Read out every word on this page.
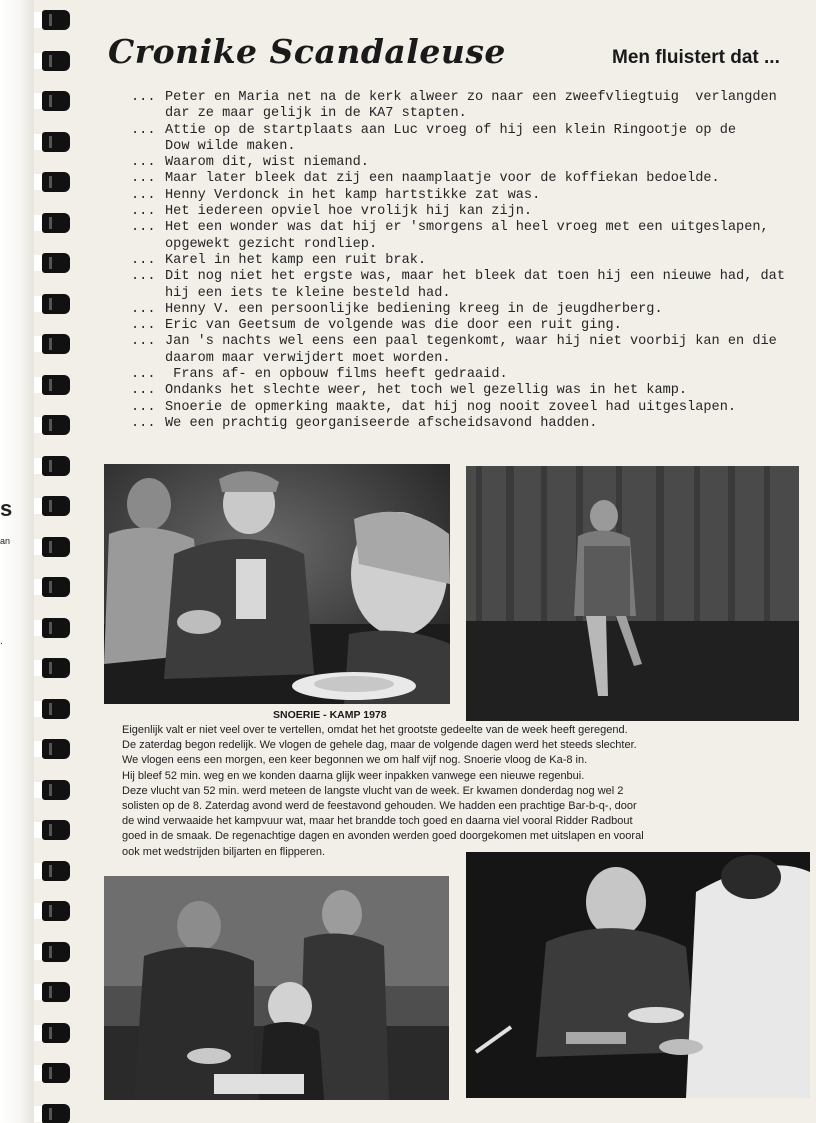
s
an
.
Cronike Scandaleuse	Men fluistert dat ...
... Peter en Maria net na de kerk alweer zo naar een zweefvliegtuig  verlangden
dar ze maar gelijk in de KA7 stapten.
... Attie op de startplaats aan Luc vroeg of hij een klein Ringootje op de
Dow wilde maken.
... Waarom dit, wist niemand.
... Maar later bleek dat zij een naamplaatje voor de koffiekan bedoelde.
... Henny Verdonck in het kamp hartstikke zat was.
... Het iedereen opviel hoe vrolijk hij kan zijn.
... Het een wonder was dat hij er 'smorgens al heel vroeg met een uitgeslapen,
opgewekt gezicht rondliep.
... Karel in het kamp een ruit brak.
... Dit nog niet het ergste was, maar het bleek dat toen hij een nieuwe had, dat
hij een iets te kleine besteld had.
... Henny V. een persoonlijke bediening kreeg in de jeugdherberg.
... Eric van Geetsum de volgende was die door een ruit ging.
... Jan 's nachts wel eens een paal tegenkomt, waar hij niet voorbij kan en die
daarom maar verwijdert moet worden.
... Frans af- en opbouw films heeft gedraaid.
... Ondanks het slechte weer, het toch wel gezellig was in het kamp.
... Snoerie de opmerking maakte, dat hij nog nooit zoveel had uitgeslapen.
... We een prachtig georganiseerde afscheidsavond hadden.

SNOERIE - KAMP 1978

Eigenlijk valt er niet veel over te vertellen, omdat het het grootste gedeelte van de week heeft geregend.
De zaterdag begon redelijk. We vlogen de gehele dag, maar de volgende dagen werd het steeds slechter.
We vlogen eens een morgen, een keer begonnen we om half vijf nog. Snoerie vloog de Ka-8 in.
Hij bleef 52 min. weg en we konden daarna glijk weer inpakken vanwege een nieuwe regenbui.
Deze vlucht van 52 min. werd meteen de langste vlucht van de week. Er kwamen donderdag nog wel 2
solisten op de 8. Zaterdag avond werd de feestavond gehouden. We hadden een prachtige Bar-b-q-, door
de wind verwaaide het kampvuur wat, maar het brandde toch goed en daarna viel vooral Ridder Radbout
goed in de smaak. De regenachtige dagen en avonden werden goed doorgekomen met uitslapen en vooral
ook met wedstrijden biljarten en flipperen.
